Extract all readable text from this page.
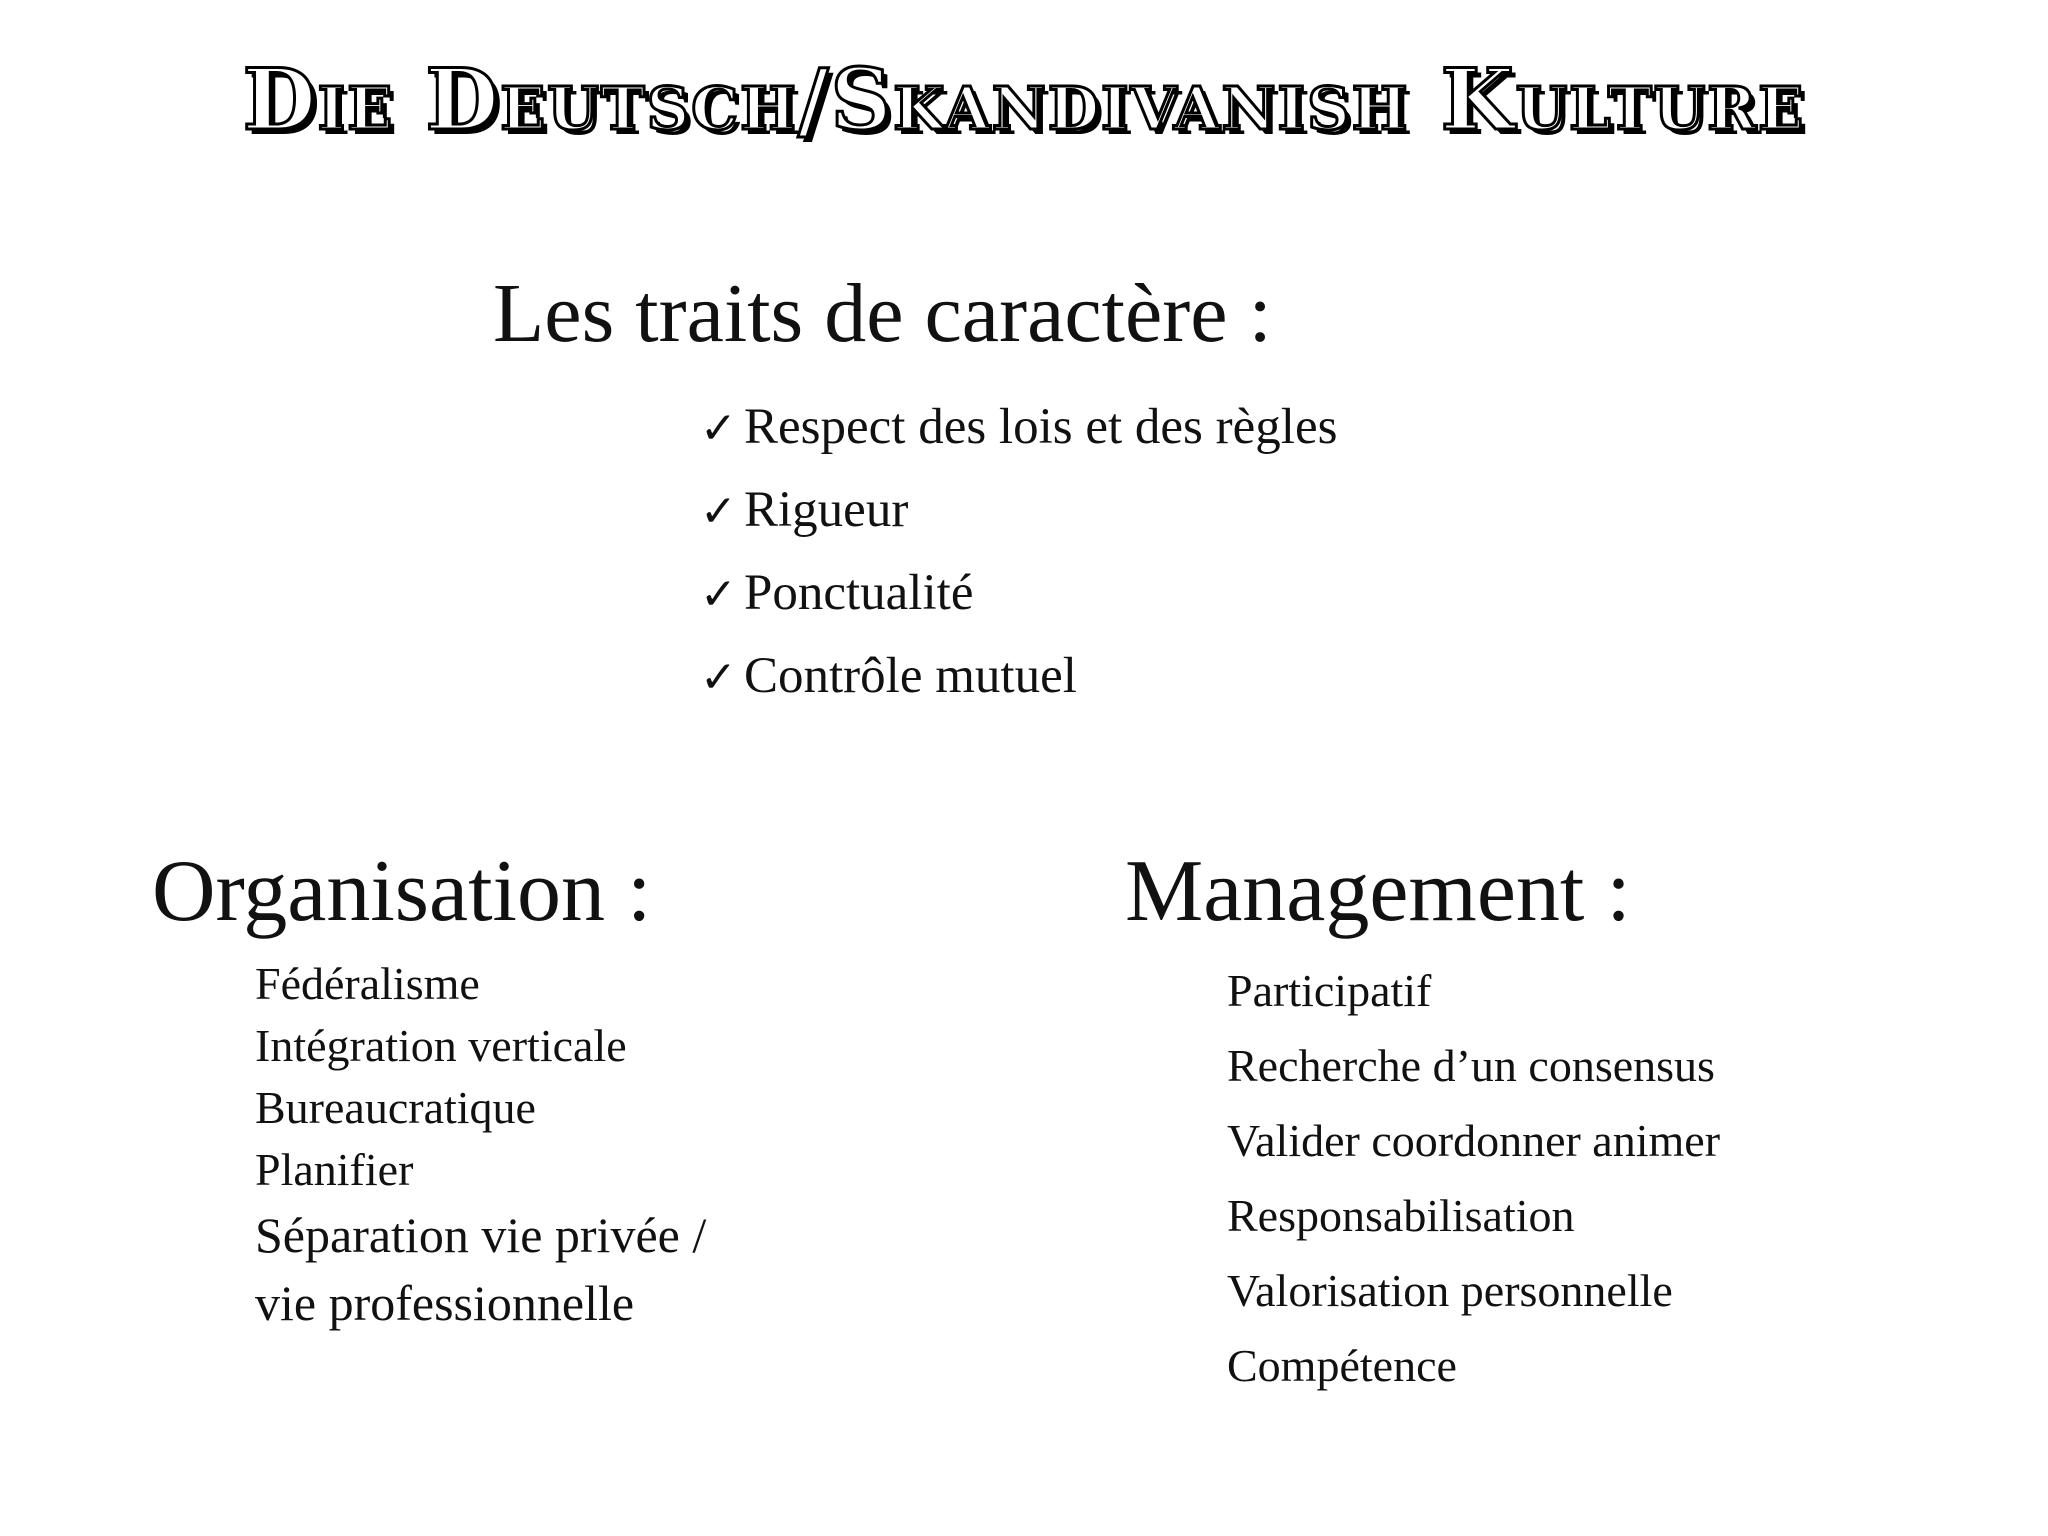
Die Deutsch/Skandivanish Kulture
Les traits de caractère :
✓ Respect des lois et des règles
✓ Rigueur
✓ Ponctualité
✓ Contrôle mutuel
Organisation :
Fédéralisme
Intégration verticale
Bureaucratique
Planifier
Séparation vie privée /
vie professionnelle
Management :
Participatif
Recherche d’un consensus
Valider coordonner animer
Responsabilisation
Valorisation personnelle
Compétence
